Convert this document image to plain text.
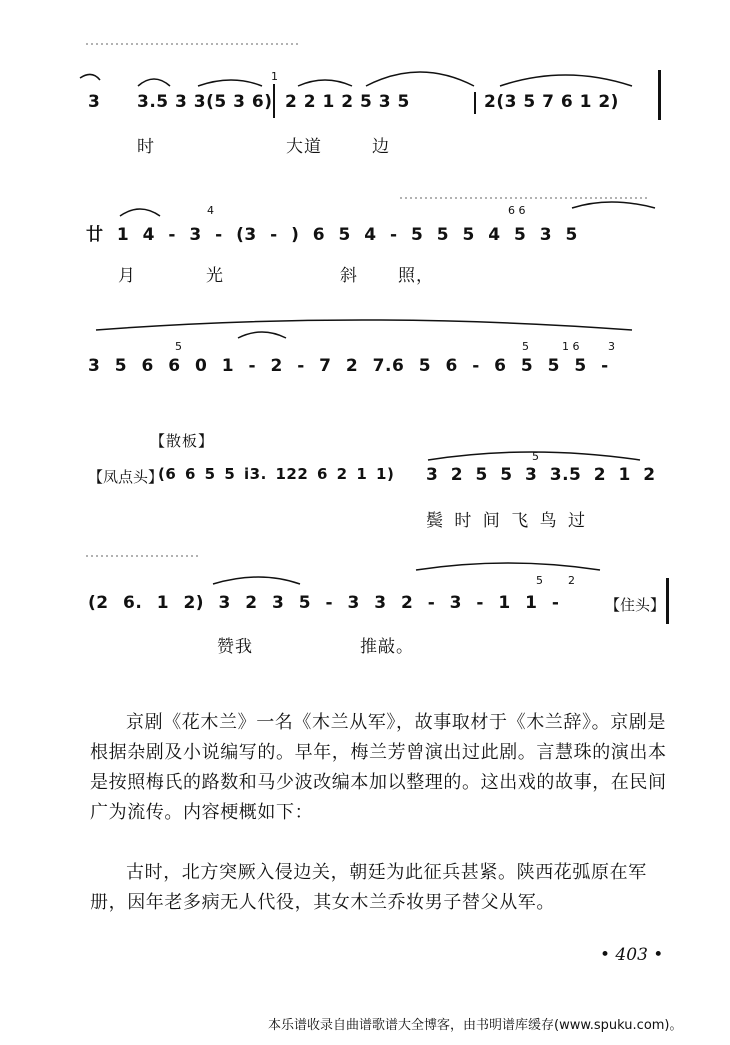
3 3.5 3 3(5 3 6) 2 2 1 2 5 3 5	2(3 5 7 6 1 2)
1
时	大道	边
廿 1 4 - 3 - (3 - ) 6 5 4 - 5 5 5 4 5 3 5
4	6 6
月	光	斜 照，
3 5 6 6 0 1 - 2 - 7 2 7.6 5 6 - 6 5 5 5 -
5	5	1 6	3
【散板】
【凤点头】
(6 6 5 5 i3. 122 6 2 1 1) 3 2 5 5 3 3.5 2 1 2
5
鬓 时 间 飞 鸟 过
(2 6. 1 2) 3 2 3 5 - 3 3 2 - 3 - 1 1 -	【住头】
5 2
赞我	推敲。
京剧《花木兰》一名《木兰从军》，故事取材于《木兰辞》。京剧是根据杂剧及小说编写的。早年，梅兰芳曾演出过此剧。言慧珠的演出本是按照梅氏的路数和马少波改编本加以整理的。这出戏的故事，在民间广为流传。内容梗概如下：
古时，北方突厥入侵边关，朝廷为此征兵甚紧。陕西花弧原在军册，因年老多病无人代役，其女木兰乔妆男子替父从军。
• 403 •
本乐谱收录自曲谱歌谱大全博客，由书明谱库缓存(www.spuku.com)。
